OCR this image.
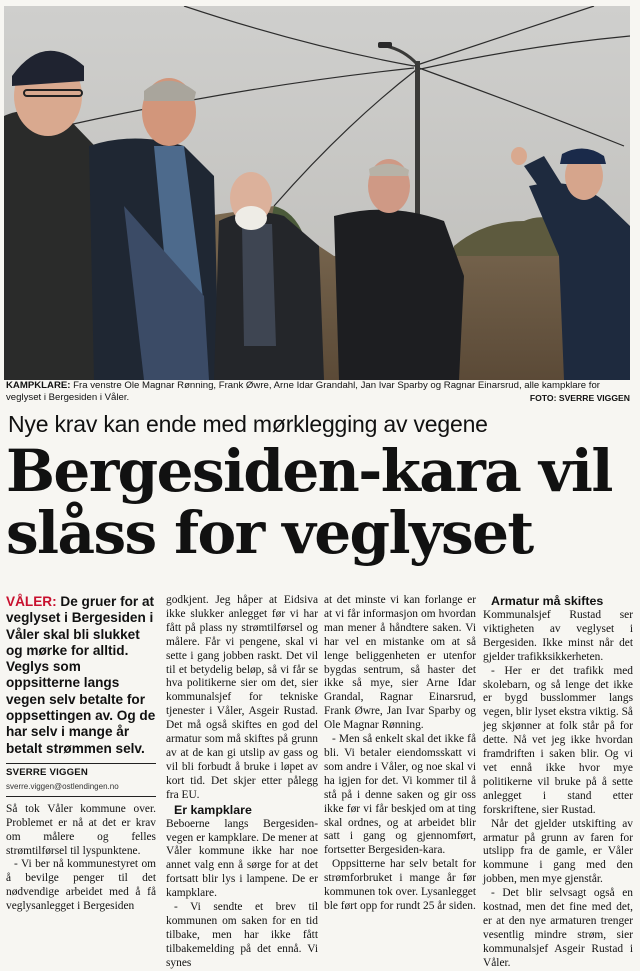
KAMPKLARE: Fra venstre Ole Magnar Rønning, Frank Øwre, Arne Idar Grandahl, Jan Ivar Sparby og Ragnar Einarsrud, alle kampklare for veglyset i Bergesiden i Våler.	FOTO: SVERRE VIGGEN
Nye krav kan ende med mørklegging av vegene
Bergesiden-kara vil
slåss for veglyset

VÅLER: De gruer for at veglyset i Bergesiden i Våler skal bli slukket og mørke for alltid. Veglys som oppsitterne langs vegen selv betalte for oppsettingen av. Og de har selv i mange år betalt strømmen selv.

SVERRE VIGGEN
sverre.viggen@ostlendingen.no

Så tok Våler kommune over. Problemet er nå at det er krav om målere og felles strømtilførsel til lyspunktene.

- Vi ber nå kommunestyret om å bevilge penger til det nødvendige arbeidet med å få veglysanlegget i Bergesiden

godkjent. Jeg håper at Eidsiva ikke slukker anlegget før vi har fått på plass ny strømtilførsel og målere. Får vi pengene, skal vi sette i gang jobben raskt. Det vil til et betydelig beløp, så vi får se hva politikerne sier om det, sier kommunalsjef for tekniske tjenester i Våler, Asgeir Rustad. Det må også skiftes en god del armatur som må skiftes på grunn av at de kan gi utslip av gass og vil bli forbudt å bruke i løpet av kort tid. Det skjer etter pålegg fra EU.

Er kampklare

Beboerne langs Bergesiden-vegen er kampklare. De mener at Våler kommune ikke har noe annet valg enn å sørge for at det fortsatt blir lys i lampene. De er kampklare.

- Vi sendte et brev til kommunen om saken for en tid tilbake, men har ikke fått tilbakemelding på det ennå. Vi synes

at det minste vi kan forlange er at vi får informasjon om hvordan man mener å håndtere saken. Vi har vel en mistanke om at så lenge beliggenheten er utenfor bygdas sentrum, så haster det ikke så mye, sier Arne Idar Grandal, Ragnar Einarsrud, Frank Øwre, Jan Ivar Sparby og Ole Magnar Rønning.

- Men så enkelt skal det ikke få bli. Vi betaler eiendomsskatt vi som andre i Våler, og noe skal vi ha igjen for det. Vi kommer til å stå på i denne saken og gir oss ikke før vi får beskjed om at ting skal ordnes, og at arbeidet blir satt i gang og gjennomført, fortsetter Bergesiden-kara.

Oppsitterne har selv betalt for strømforbruket i mange år før kommunen tok over. Lysanlegget ble ført opp for rundt 25 år siden.

Armatur må skiftes

Kommunalsjef Rustad ser viktigheten av veglyset i Bergesiden. Ikke minst når det gjelder trafikksikkerheten.

- Her er det trafikk med skolebarn, og så lenge det ikke er bygd busslommer langs vegen, blir lyset ekstra viktig. Så jeg skjønner at folk står på for dette. Nå vet jeg ikke hvordan framdriften i saken blir. Og vi vet ennå ikke hvor mye politikerne vil bruke på å sette anlegget i stand etter forskriftene, sier Rustad.

Når det gjelder utskifting av armatur på grunn av faren for utslipp fra de gamle, er Våler kommune i gang med den jobben, men mye gjenstår.

- Det blir selvsagt også en kostnad, men det fine med det, er at den nye armaturen trenger vesentlig mindre strøm, sier kommunalsjef Asgeir Rustad i Våler.
